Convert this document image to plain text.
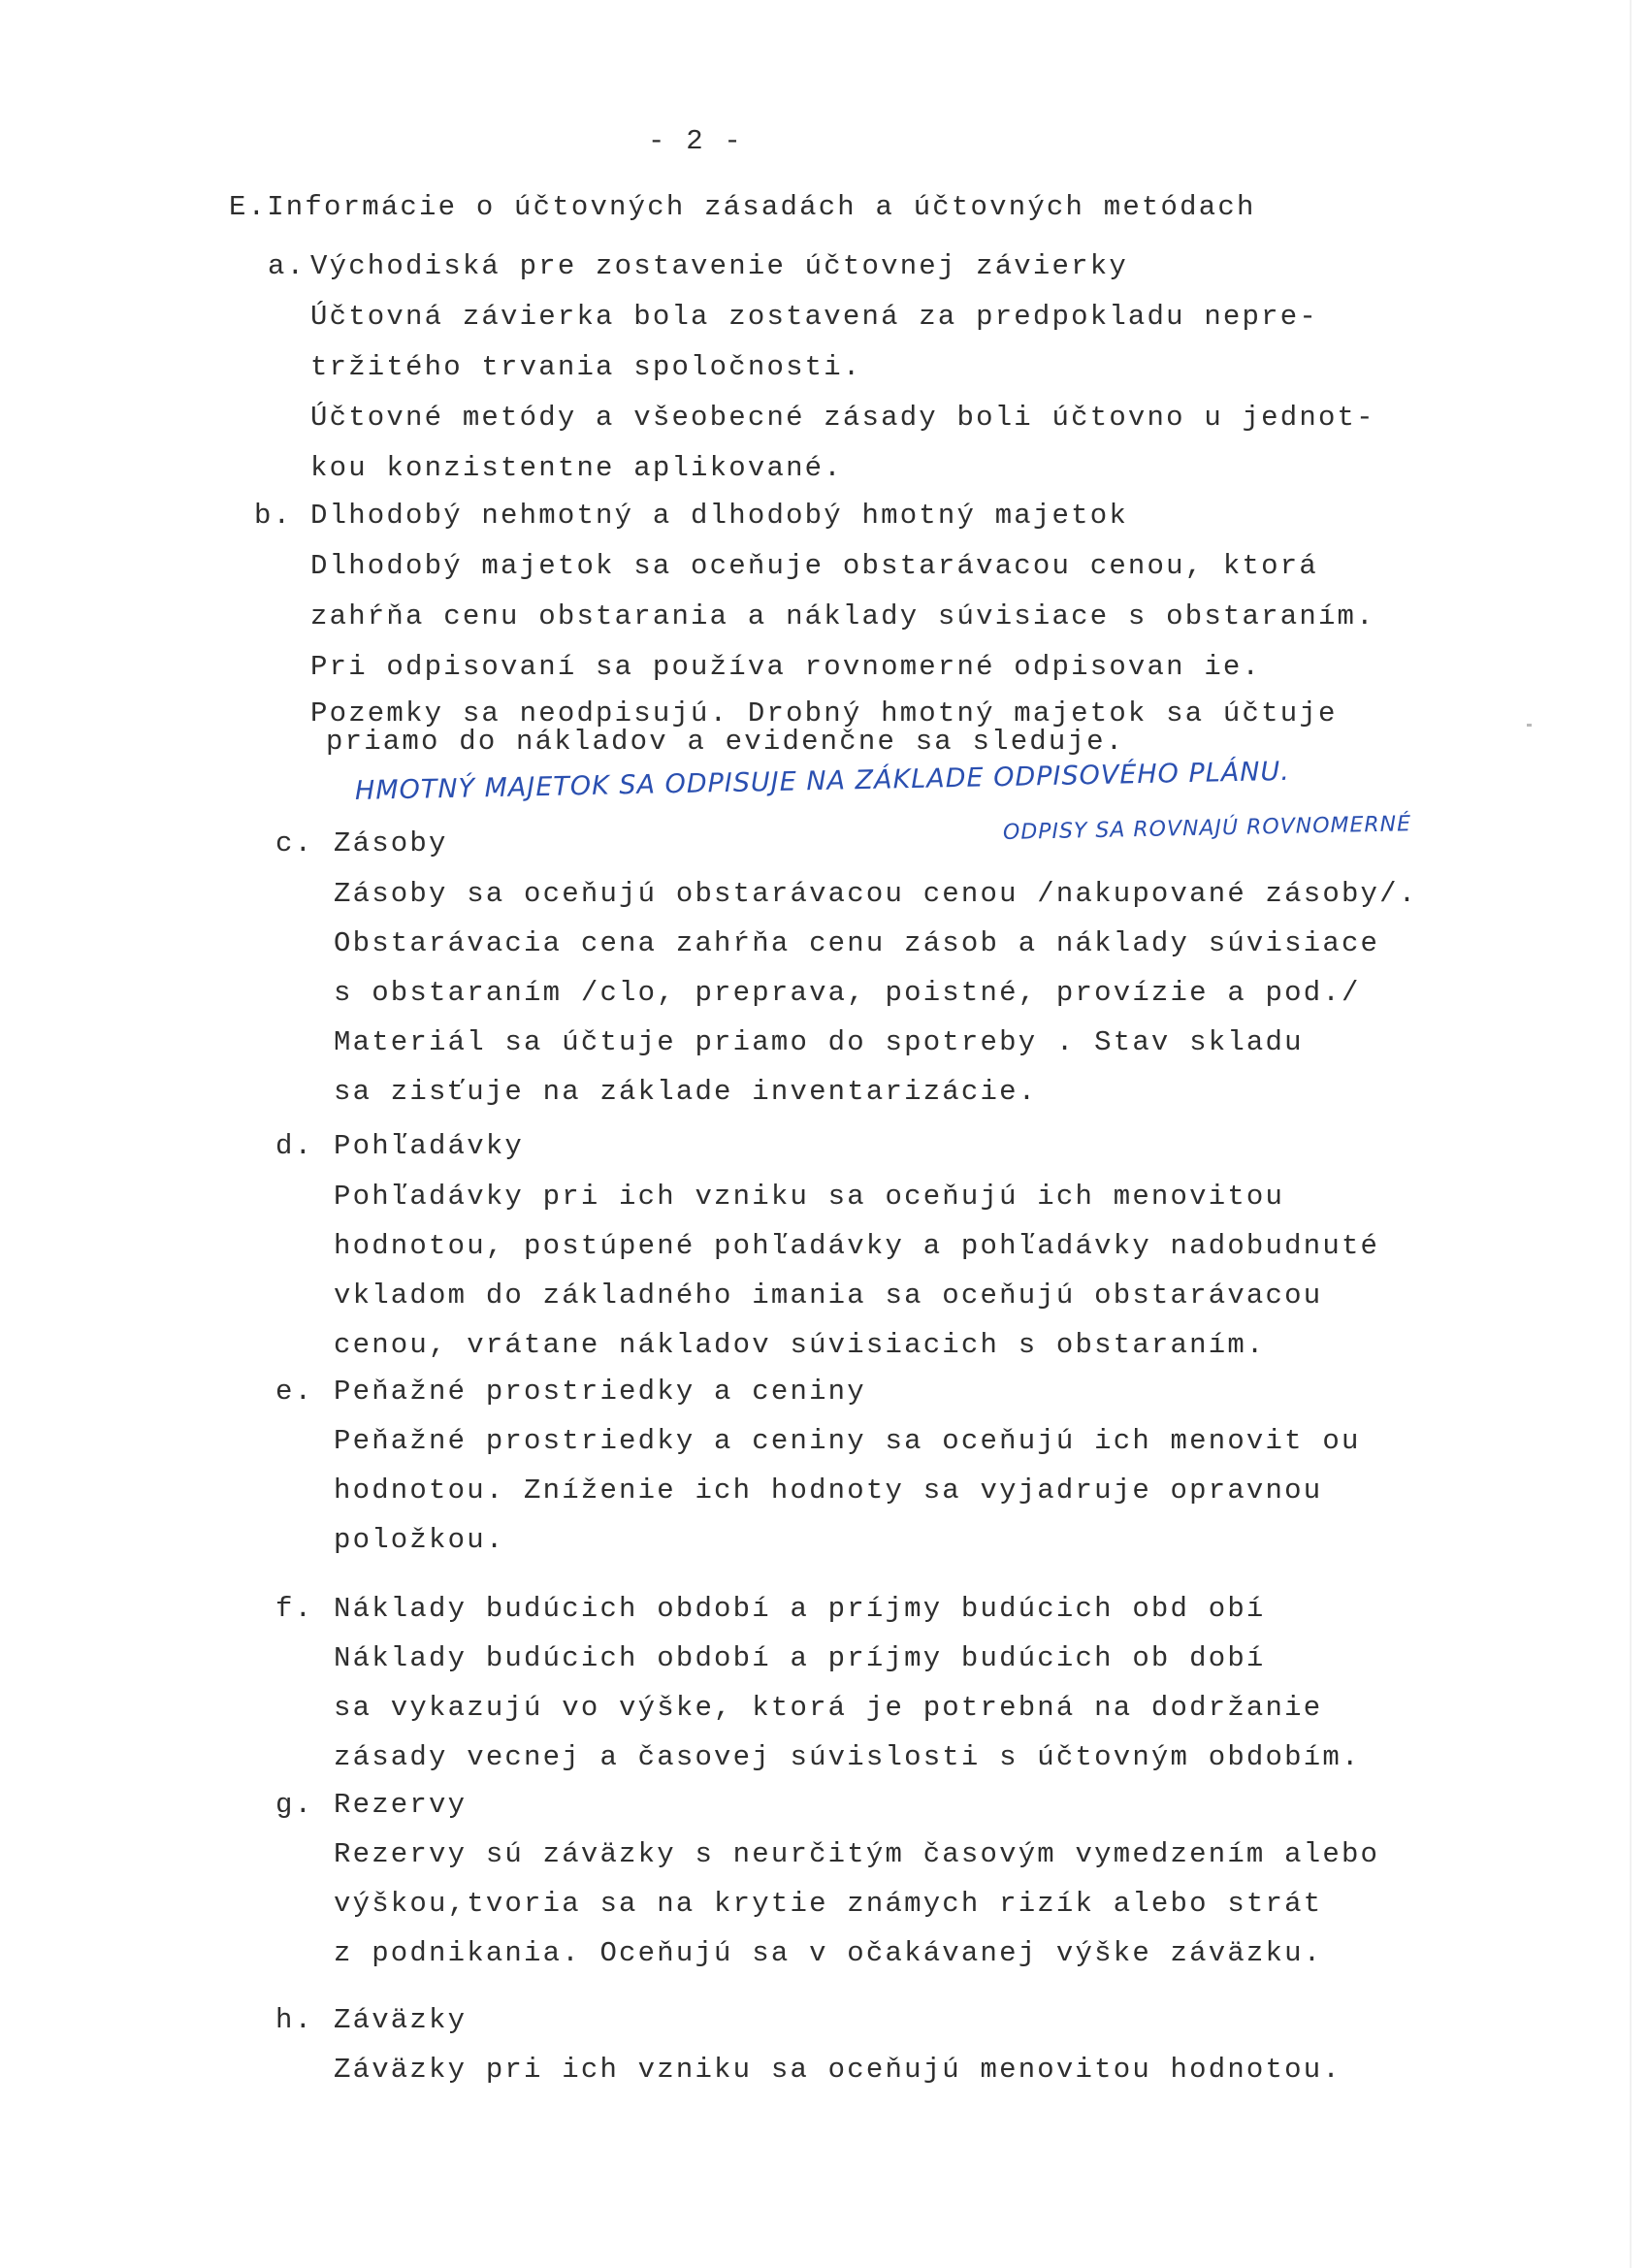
- 2 -
E.Informácie o účtovných zásadách a účtovných metódach
a. Východiská pre zostavenie účtovnej závierky
Účtovná závierka bola zostavená za predpokladu nepre-
tržitého trvania spoločnosti.
Účtovné metódy a všeobecné zásady boli účtovno u jednot-
kou konzistentne aplikované.
b. Dlhodobý nehmotný a dlhodobý hmotný majetok
Dlhodobý majetok sa oceňuje obstarávacou cenou, ktorá
zahŕňa cenu obstarania a náklady súvisiace s obstaraním.
Pri odpisovaní sa používa rovnomerné odpisovan ie.
Pozemky sa neodpisujú. Drobný hmotný majetok sa účtuje
priamo do nákladov a evidenčne sa sleduje.
HMOTNÝ MAJETOK SA ODPISUJE NA ZÁKLADE ODPISOVÉHO PLÁNU.
ODPISY SA ROVNAJÚ ROVNOMERNÉ
c. Zásoby
Zásoby sa oceňujú obstarávacou cenou /nakupované zásoby/.
Obstarávacia cena zahŕňa cenu zásob a náklady súvisiace
s obstaraním /clo, preprava, poistné, provízie a pod./
Materiál sa účtuje priamo do spotreby . Stav skladu
sa zisťuje na základe inventarizácie.
d. Pohľadávky
Pohľadávky pri ich vzniku sa oceňujú ich menovitou
hodnotou, postúpené pohľadávky a pohľadávky nadobudnuté
vkladom do základného imania sa oceňujú obstarávacou
cenou, vrátane nákladov súvisiacich s obstaraním.
e. Peňažné prostriedky a ceniny
Peňažné prostriedky a ceniny sa oceňujú ich menovit ou
hodnotou. Zníženie ich hodnoty sa vyjadruje opravnou
položkou.
f. Náklady budúcich období a príjmy budúcich obd obí
Náklady budúcich období a príjmy budúcich ob dobí
sa vykazujú vo výške, ktorá je potrebná na dodržanie
zásady vecnej a časovej súvislosti s účtovným obdobím.
g. Rezervy
Rezervy sú záväzky s neurčitým časovým vymedzením alebo
výškou,tvoria sa na krytie známych rizík alebo strát
z podnikania. Oceňujú sa v očakávanej výške záväzku.
h. Záväzky
Záväzky pri ich vzniku sa oceňujú menovitou hodnotou.
